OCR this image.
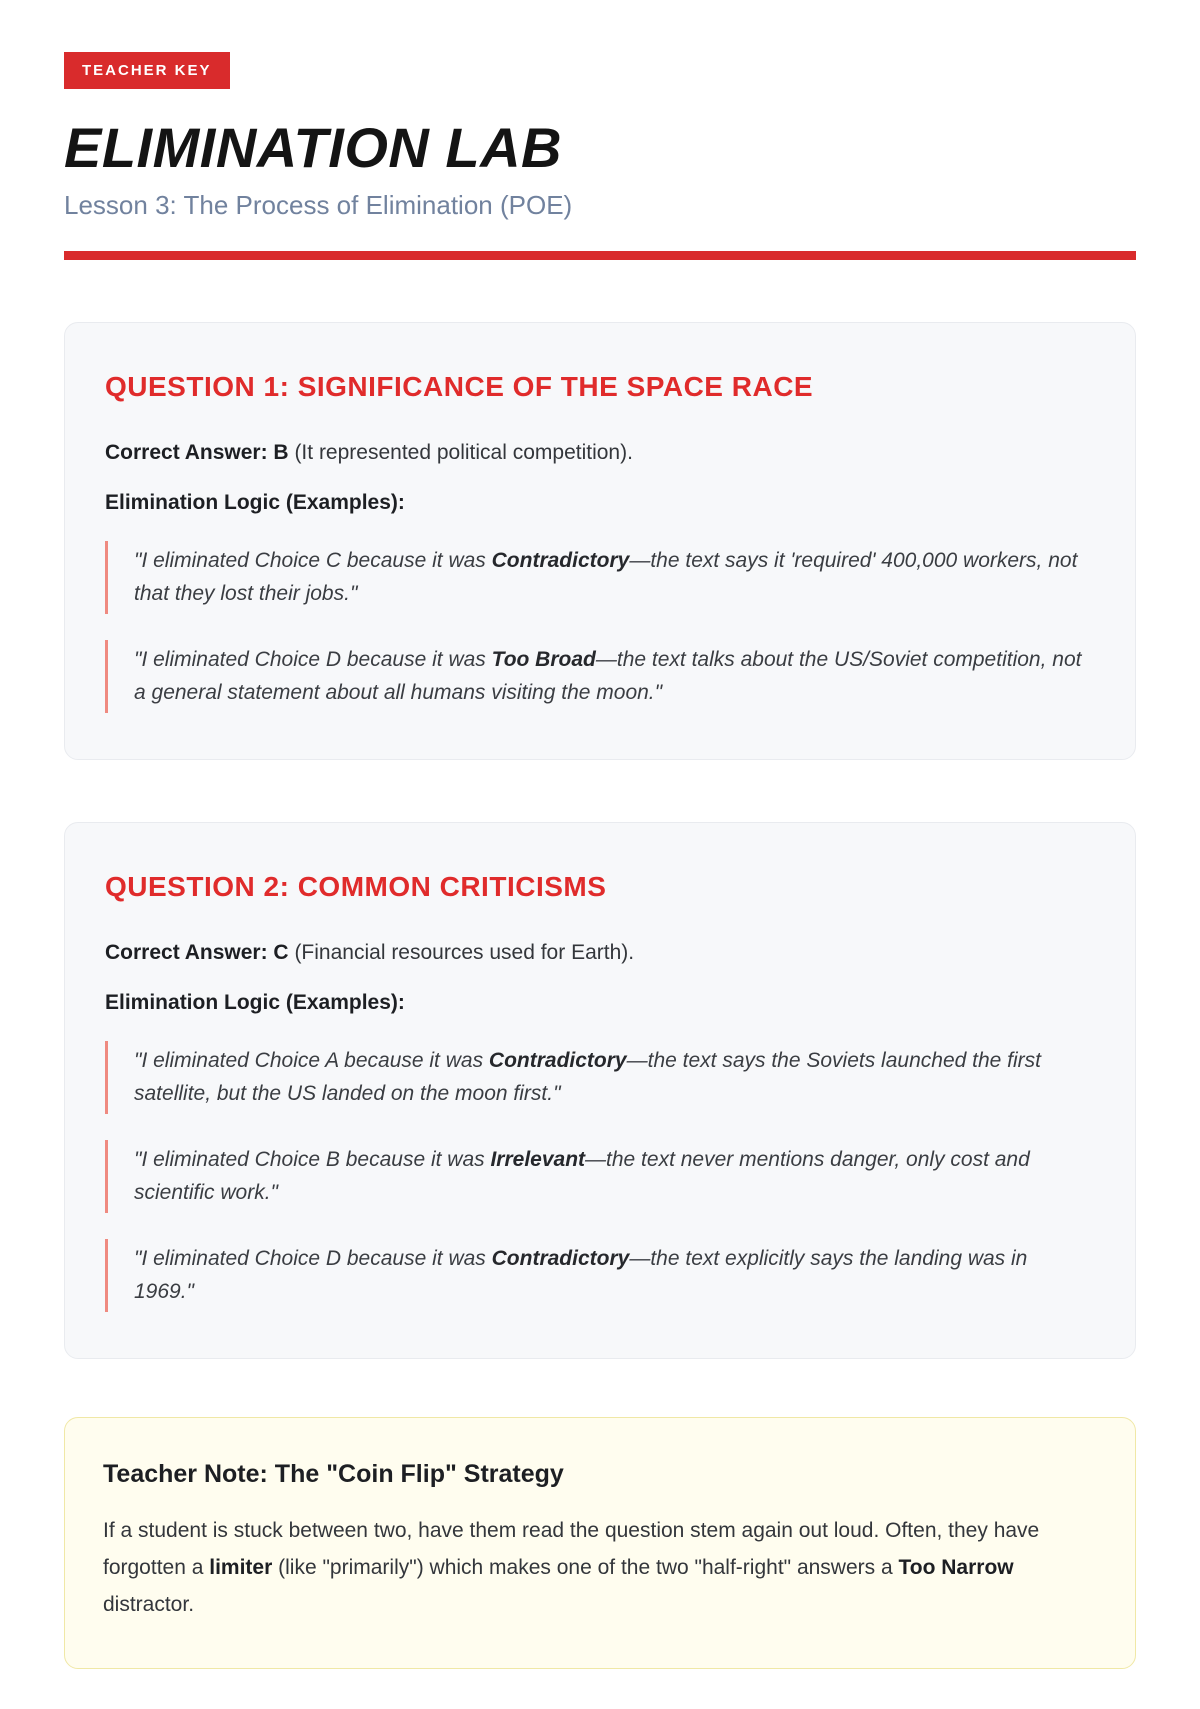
TEACHER KEY
ELIMINATION LAB

Lesson 3: The Process of Elimination (POE)

QUESTION 1: SIGNIFICANCE OF THE SPACE RACE

Correct Answer: B (It represented political competition).

Elimination Logic (Examples):

"I eliminated Choice C because it was Contradictory—the text says it 'required' 400,000 workers, not that they lost their jobs."
"I eliminated Choice D because it was Too Broad—the text talks about the US/Soviet competition, not a general statement about all humans visiting the moon."
QUESTION 2: COMMON CRITICISMS

Correct Answer: C (Financial resources used for Earth).

Elimination Logic (Examples):

"I eliminated Choice A because it was Contradictory—the text says the Soviets launched the first satellite, but the US landed on the moon first."
"I eliminated Choice B because it was Irrelevant—the text never mentions danger, only cost and scientific work."
"I eliminated Choice D because it was Contradictory—the text explicitly says the landing was in 1969."
Teacher Note: The "Coin Flip" Strategy

If a student is stuck between two, have them read the question stem again out loud. Often, they have forgotten a limiter (like "primarily") which makes one of the two "half-right" answers a Too Narrow distractor.
